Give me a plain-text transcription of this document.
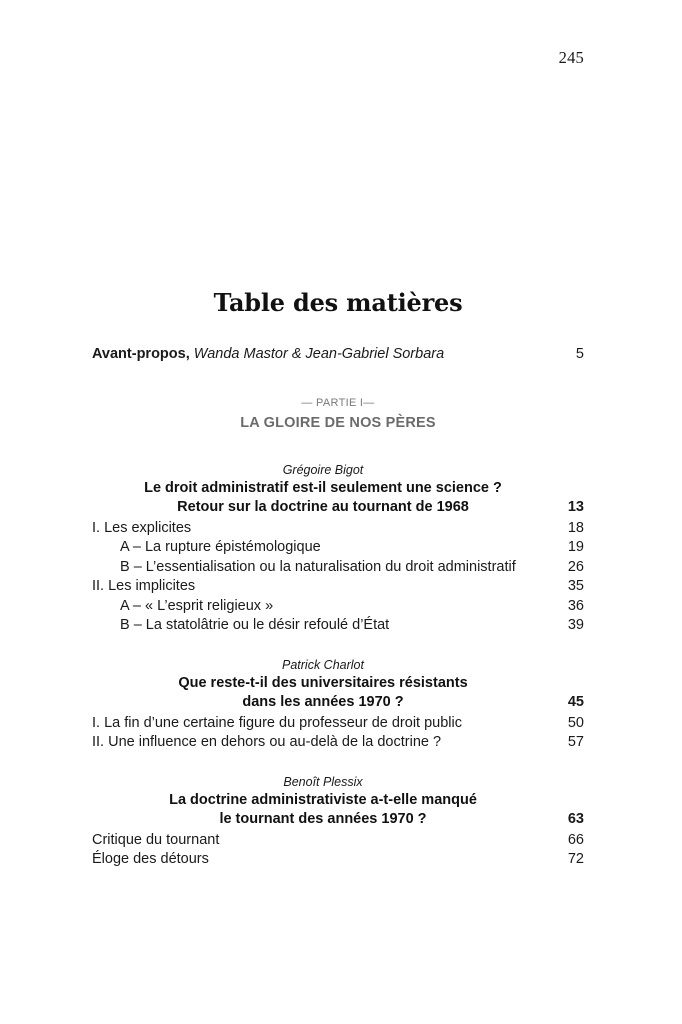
245
Table des matières
Avant-propos, Wanda Mastor & Jean-Gabriel Sorbara	5
— PARTIE I—
LA GLOIRE DE NOS PÈRES
Grégoire Bigot
Le droit administratif est-il seulement une science ?
Retour sur la doctrine au tournant de 1968	13
I. Les explicites	18
A – La rupture épistémologique	19
B – L’essentialisation ou la naturalisation du droit administratif	26
II. Les implicites	35
A – « L’esprit religieux »	36
B – La statolâtrie ou le désir refoulé d’État	39
Patrick Charlot
Que reste-t-il des universitaires résistants
dans les années 1970 ?	45
I. La fin d’une certaine figure du professeur de droit public	50
II. Une influence en dehors ou au-delà de la doctrine ?	57
Benoît Plessix
La doctrine administrativiste a-t-elle manqué
le tournant des années 1970 ?	63
Critique du tournant	66
Éloge des détours	72
